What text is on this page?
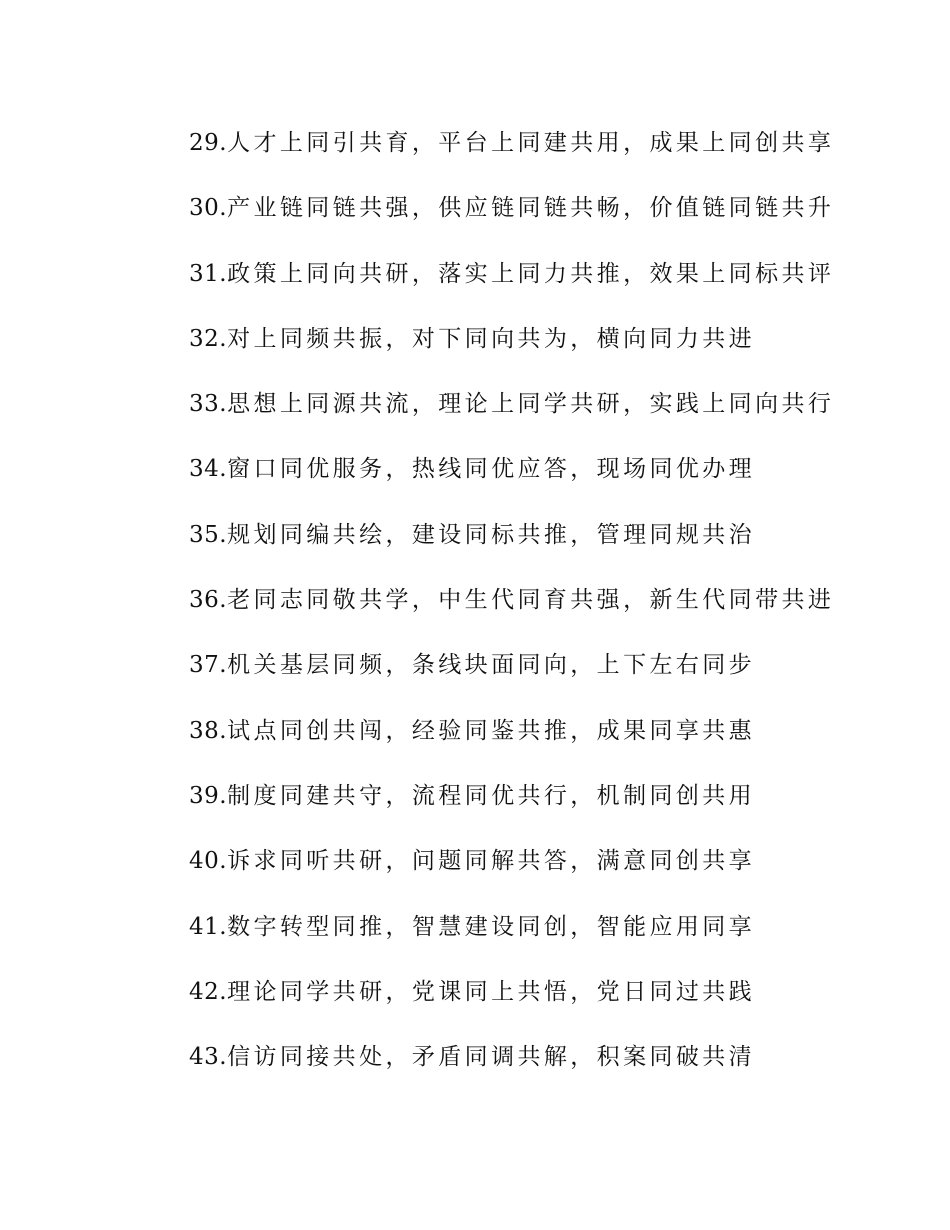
29.人才上同引共育，平台上同建共用，成果上同创共享
30.产业链同链共强，供应链同链共畅，价值链同链共升
31.政策上同向共研，落实上同力共推，效果上同标共评
32.对上同频共振，对下同向共为，横向同力共进
33.思想上同源共流，理论上同学共研，实践上同向共行
34.窗口同优服务，热线同优应答，现场同优办理
35.规划同编共绘，建设同标共推，管理同规共治
36.老同志同敬共学，中生代同育共强，新生代同带共进
37.机关基层同频，条线块面同向，上下左右同步
38.试点同创共闯，经验同鉴共推，成果同享共惠
39.制度同建共守，流程同优共行，机制同创共用
40.诉求同听共研，问题同解共答，满意同创共享
41.数字转型同推，智慧建设同创，智能应用同享
42.理论同学共研，党课同上共悟，党日同过共践
43.信访同接共处，矛盾同调共解，积案同破共清
